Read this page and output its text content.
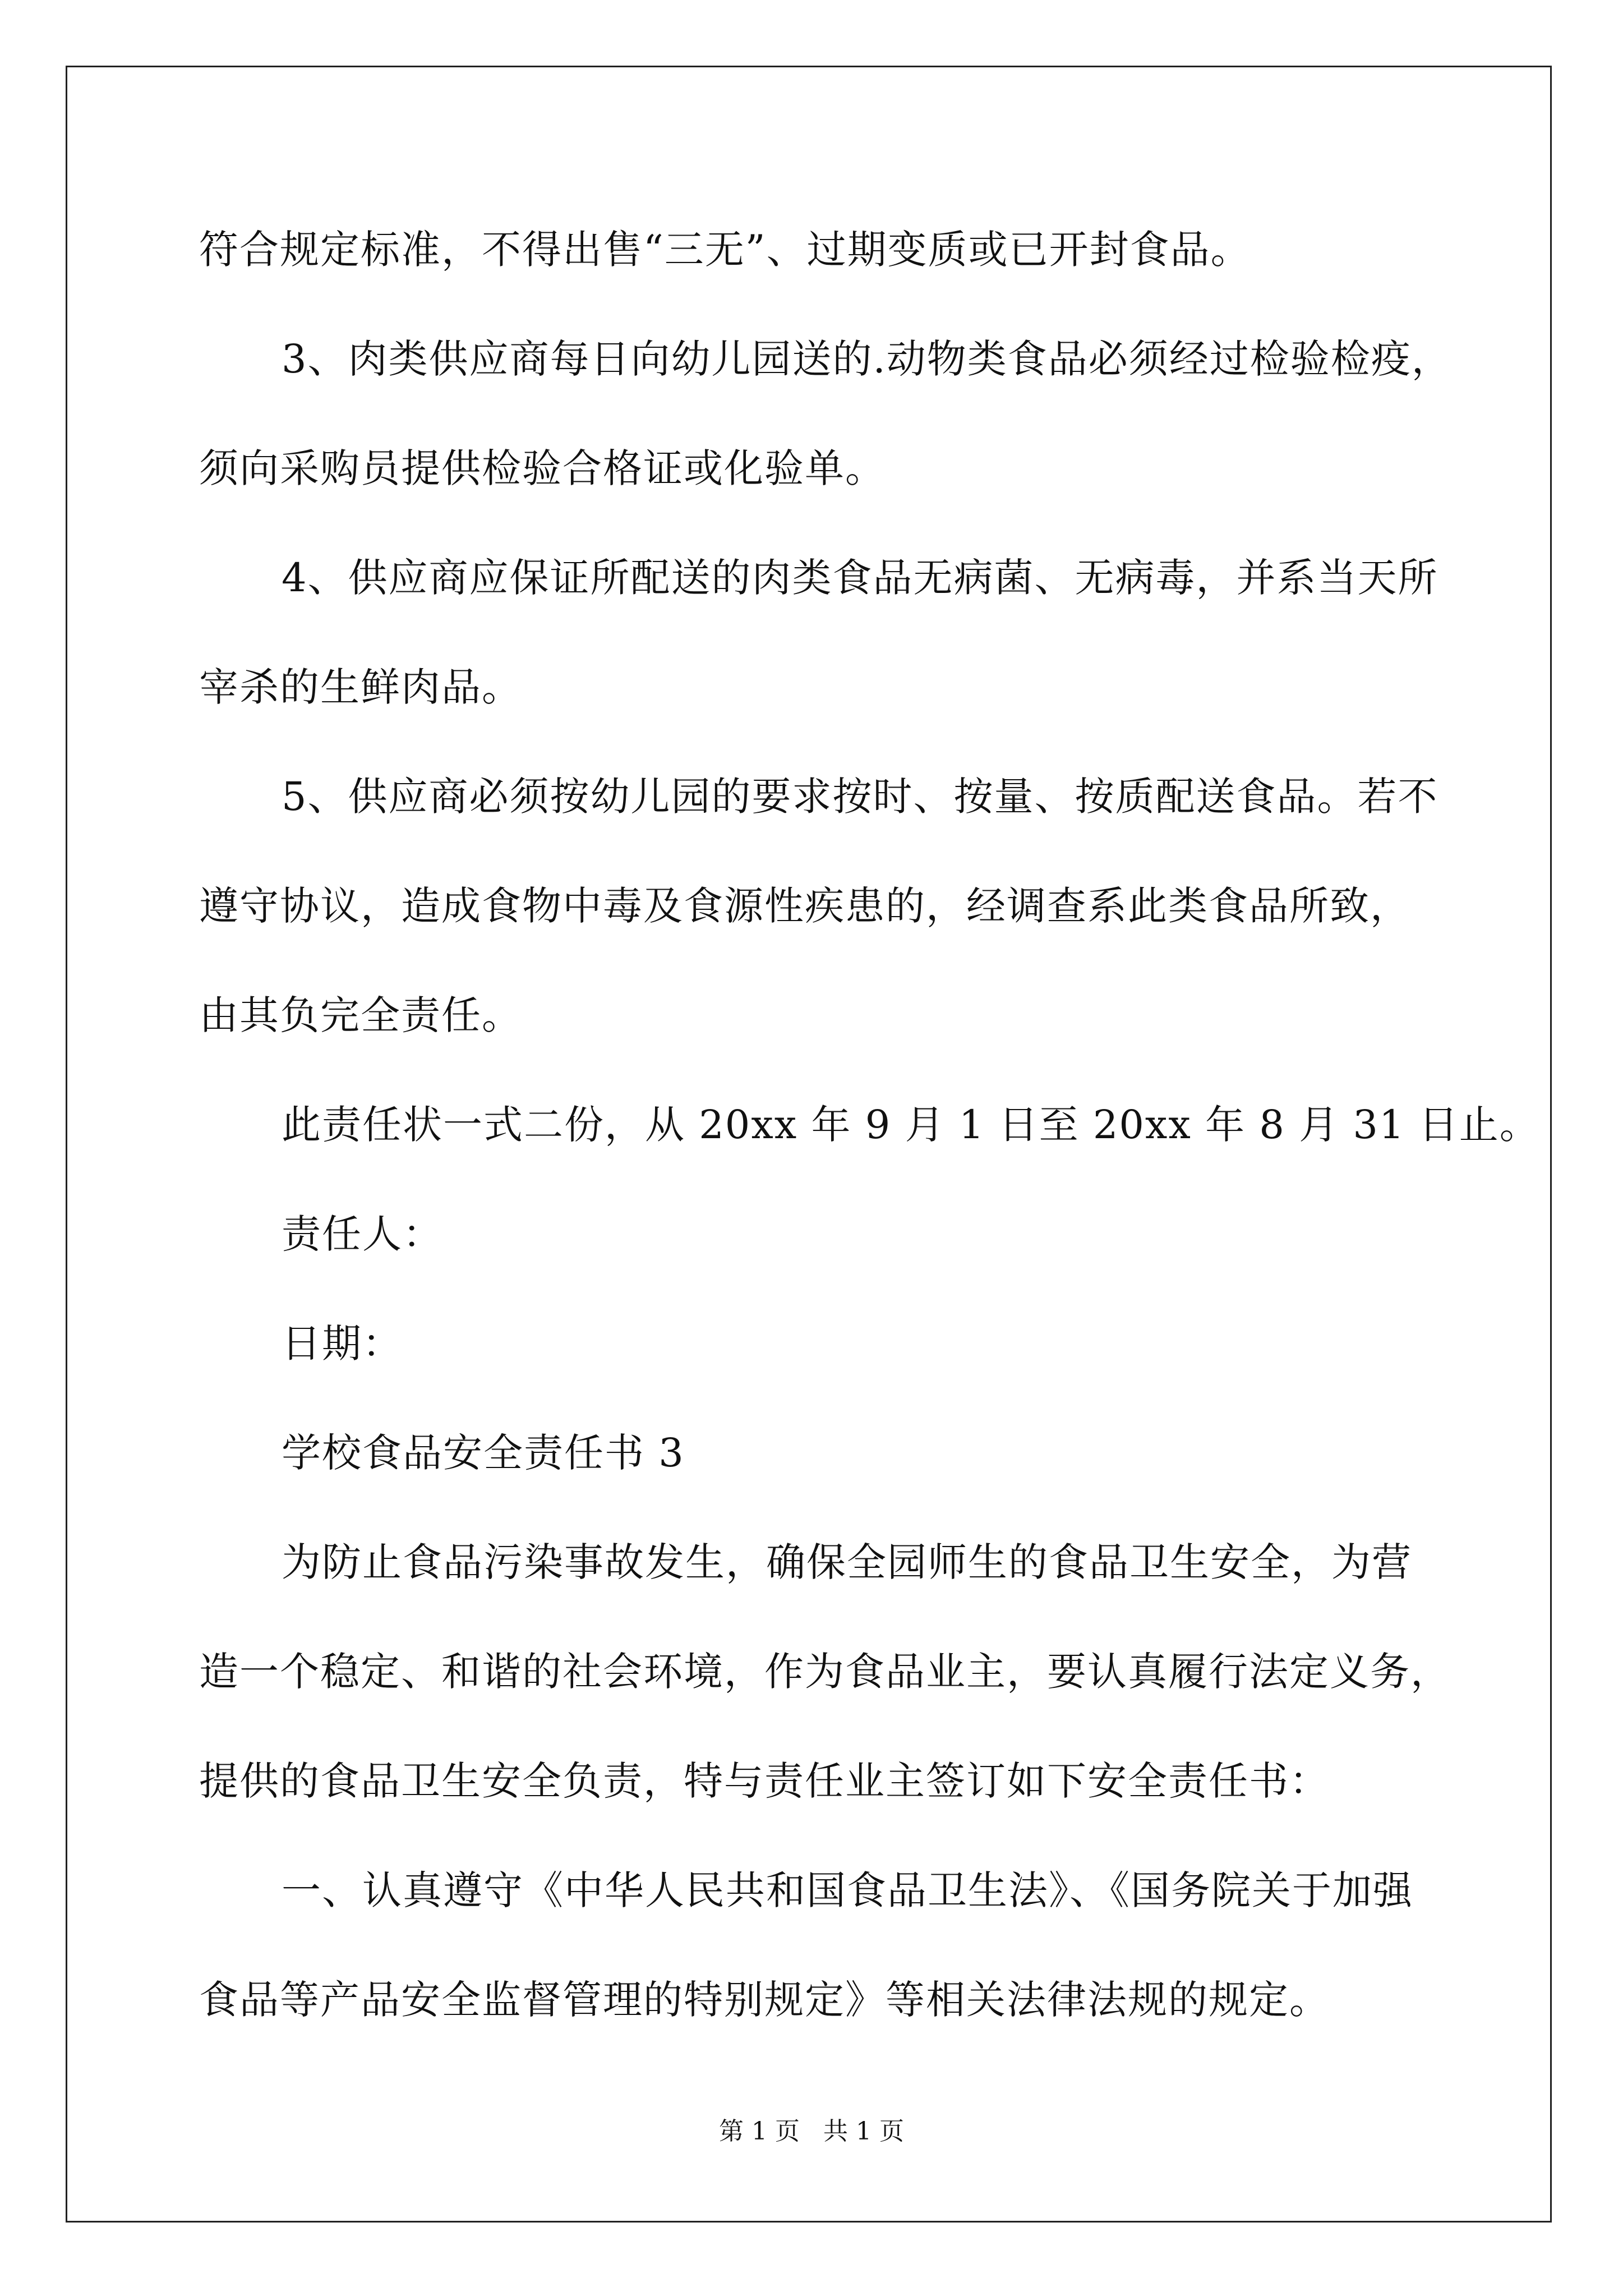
符合规定标准，不得出售“三无”、过期变质或已开封食品。
3、肉类供应商每日向幼儿园送的.动物类食品必须经过检验检疫，
须向采购员提供检验合格证或化验单。
4、供应商应保证所配送的肉类食品无病菌、无病毒，并系当天所
宰杀的生鲜肉品。
5、供应商必须按幼儿园的要求按时、按量、按质配送食品。若不
遵守协议，造成食物中毒及食源性疾患的，经调查系此类食品所致，
由其负完全责任。
此责任状一式二份，从 20xx 年 9 月 1 日至 20xx 年 8 月 31 日止。
责任人：
日期：
学校食品安全责任书 3
为防止食品污染事故发生，确保全园师生的食品卫生安全，为营
造一个稳定、和谐的社会环境，作为食品业主，要认真履行法定义务，
提供的食品卫生安全负责，特与责任业主签订如下安全责任书：
一、认真遵守《中华人民共和国食品卫生法》、《国务院关于加强
食品等产品安全监督管理的特别规定》等相关法律法规的规定。
第 1 页   共 1 页
